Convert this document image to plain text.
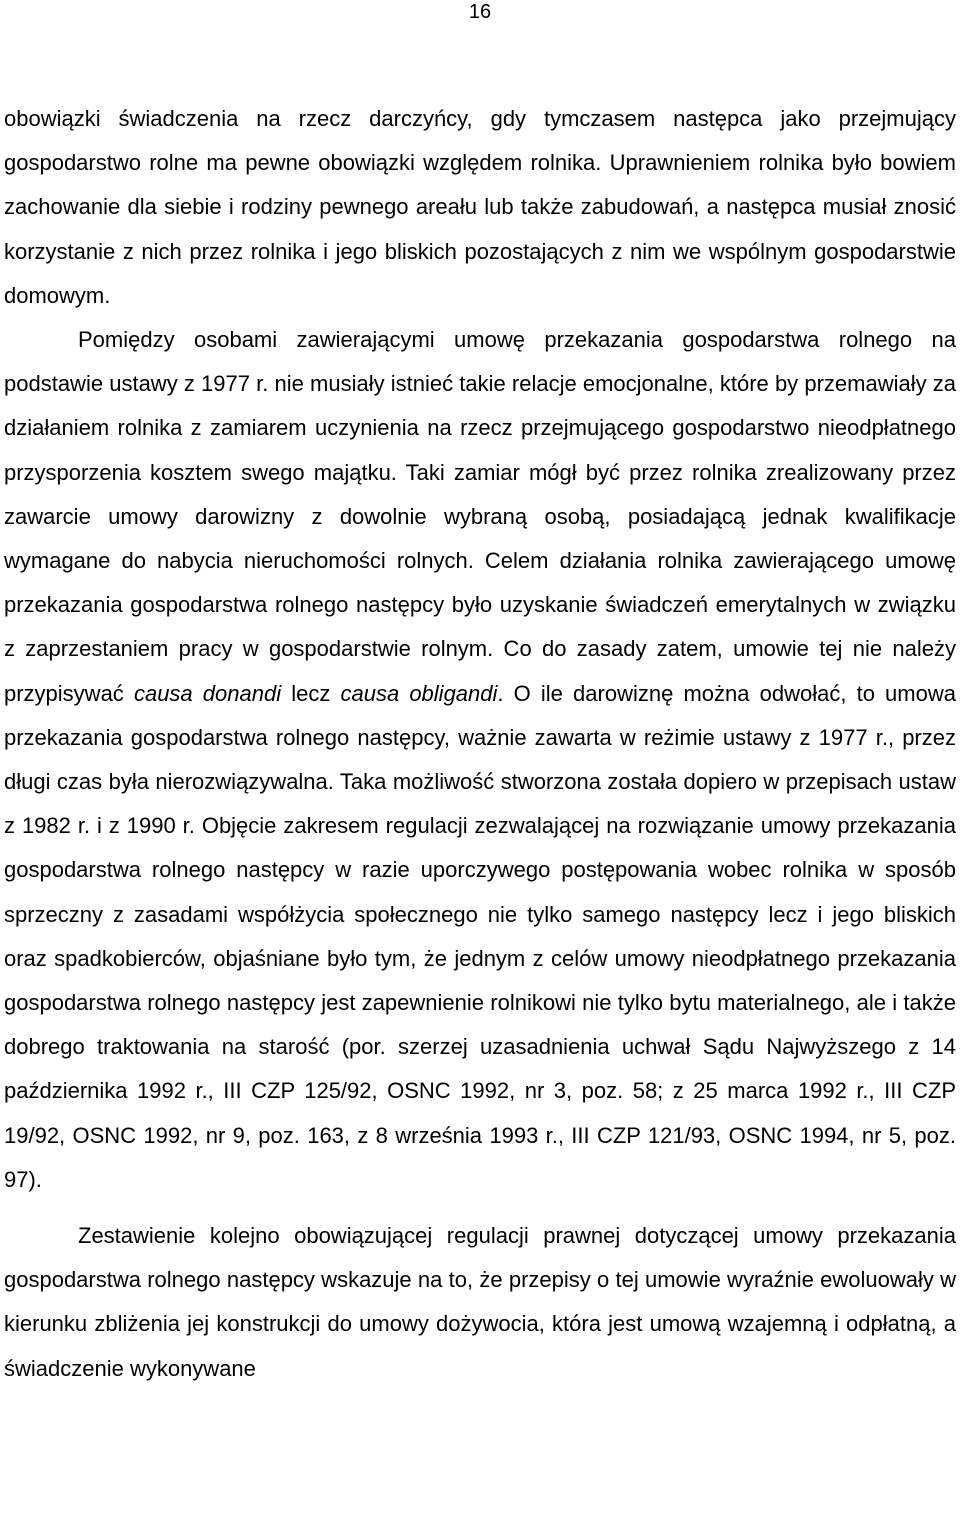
16

obowiązki świadczenia na rzecz darczyńcy, gdy tymczasem następca jako przejmujący gospodarstwo rolne ma pewne obowiązki względem rolnika. Uprawnieniem rolnika było bowiem zachowanie dla siebie i rodziny pewnego areału lub także zabudowań, a następca musiał znosić korzystanie z nich przez rolnika i jego bliskich pozostających z nim we wspólnym gospodarstwie domowym.

Pomiędzy osobami zawierającymi umowę przekazania gospodarstwa rolnego na podstawie ustawy z 1977 r. nie musiały istnieć takie relacje emocjonalne, które by przemawiały za działaniem rolnika z zamiarem uczynienia na rzecz przejmującego gospodarstwo nieodpłatnego przysporzenia kosztem swego majątku. Taki zamiar mógł być przez rolnika zrealizowany przez zawarcie umowy darowizny z dowolnie wybraną osobą, posiadającą jednak kwalifikacje wymagane do nabycia nieruchomości rolnych. Celem działania rolnika zawierającego umowę przekazania gospodarstwa rolnego następcy było uzyskanie świadczeń emerytalnych w związku z zaprzestaniem pracy w gospodarstwie rolnym. Co do zasady zatem, umowie tej nie należy przypisywać causa donandi lecz causa obligandi. O ile darowiznę można odwołać, to umowa przekazania gospodarstwa rolnego następcy, ważnie zawarta w reżimie ustawy z 1977 r., przez długi czas była nierozwiązywalna. Taka możliwość stworzona została dopiero w przepisach ustaw z 1982 r. i z 1990 r. Objęcie zakresem regulacji zezwalającej na rozwiązanie umowy przekazania gospodarstwa rolnego następcy w razie uporczywego postępowania wobec rolnika w sposób sprzeczny z zasadami współżycia społecznego nie tylko samego następcy lecz i jego bliskich oraz spadkobierców, objaśniane było tym, że jednym z celów umowy nieodpłatnego przekazania gospodarstwa rolnego następcy jest zapewnienie rolnikowi nie tylko bytu materialnego, ale i także dobrego traktowania na starość (por. szerzej uzasadnienia uchwał Sądu Najwyższego z 14 października 1992 r., III CZP 125/92, OSNC 1992, nr 3, poz. 58; z 25 marca 1992 r., III CZP 19/92, OSNC 1992, nr 9, poz. 163, z 8 września 1993 r., III CZP 121/93, OSNC 1994, nr 5, poz. 97).

Zestawienie kolejno obowiązującej regulacji prawnej dotyczącej umowy przekazania gospodarstwa rolnego następcy wskazuje na to, że przepisy o tej umowie wyraźnie ewoluowały w kierunku zbliżenia jej konstrukcji do umowy dożywocia, która jest umową wzajemną i odpłatną, a świadczenie wykonywane
